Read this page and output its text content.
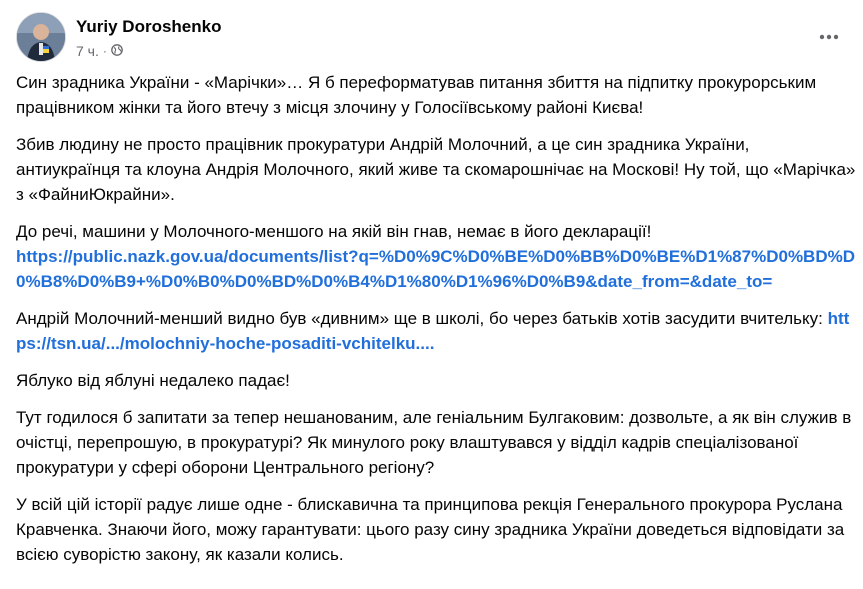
Yuriy Doroshenko
7 ч. ·

Син зрадника України - «Марічки»… Я б переформатував питання збиття на підпитку прокурорським працівником жінки та його втечу з місця злочину у Голосіївському районі Києва!

Збив людину не просто працівник прокуратури Андрій Молочний, а це син зрадника України, антиукраїнця та клоуна Андрія Молочного, який живе та скомарошнічає на Москові! Ну той, що «Марічка» з «ФайниЮкрайни».

До речі, машини у Молочного-меншого на якій він гнав, немає в його декларації!
https://public.nazk.gov.ua/documents/list?q=%D0%9C%D0%BE%D0%BB%D0%BE%D1%87%D0%BD%D0%B8%D0%B9+%D0%B0%D0%BD%D0%B4%D1%80%D1%96%D0%B9&date_from=&date_to=

Андрій Молочний-менший видно був «дивним» ще в школі, бо через батьків хотів засудити вчительку: https://tsn.ua/.../molochniy-hoche-posaditi-vchitelku....

Яблуко від яблуні недалеко падає!

Тут годилося б запитати за тепер нешанованим, але геніальним Булгаковим: дозвольте, а як він служив в очістці, перепрошую, в прокуратурі? Як минулого року влаштувався у відділ кадрів спеціалізованої прокуратури у сфері оборони Центрального регіону?

У всій цій історії радує лише одне - блискавична та принципова рекція Генерального прокурора Руслана Кравченка. Знаючи його, можу гарантувати: цього разу сину зрадника України доведеться відповідати за всією суворістю закону, як казали колись.
